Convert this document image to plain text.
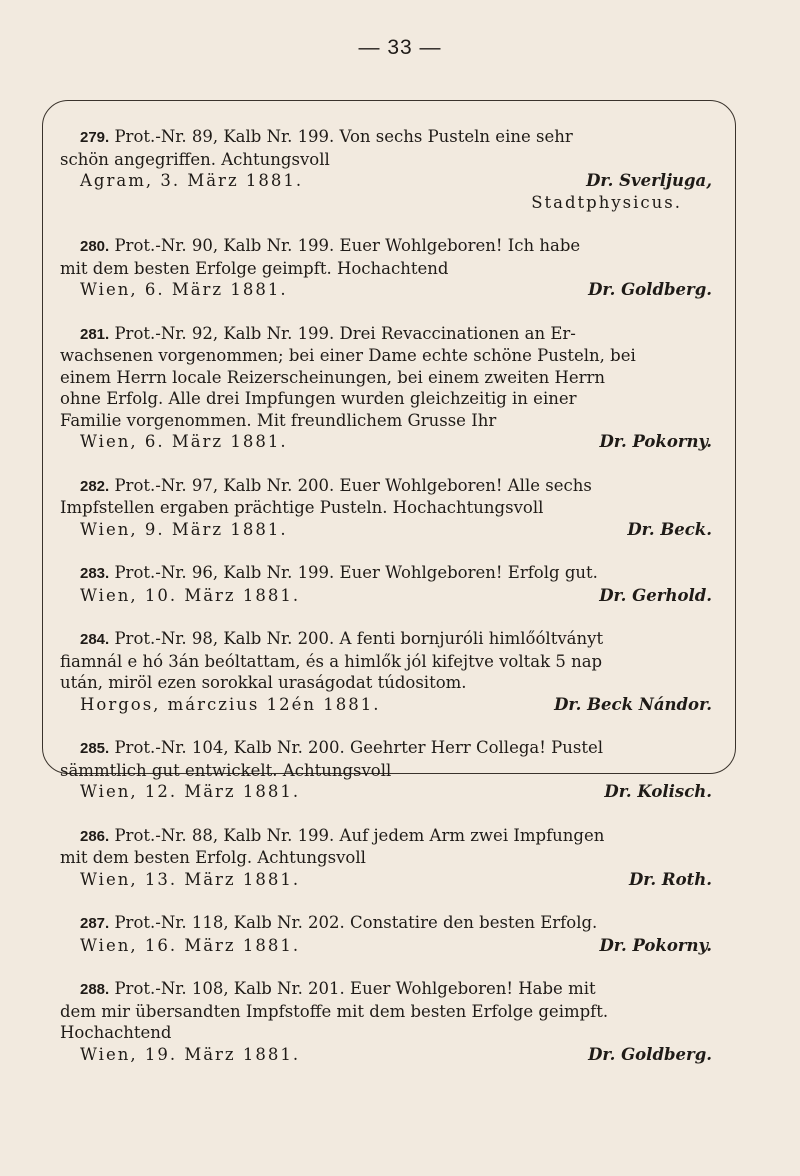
— 33 —
279. Prot.-Nr. 89, Kalb Nr. 199. Von sechs Pusteln eine sehr
schön angegriffen. Achtungsvoll
Agram, 3. März 1881.	Dr. Sverljuga,
Stadtphysicus.
280. Prot.-Nr. 90, Kalb Nr. 199. Euer Wohlgeboren! Ich habe
mit dem besten Erfolge geimpft. Hochachtend
Wien, 6. März 1881.	Dr. Goldberg.
281. Prot.-Nr. 92, Kalb Nr. 199. Drei Revaccinationen an Er-
wachsenen vorgenommen; bei einer Dame echte schöne Pusteln, bei
einem Herrn locale Reizerscheinungen, bei einem zweiten Herrn
ohne Erfolg. Alle drei Impfungen wurden gleichzeitig in einer
Familie vorgenommen. Mit freundlichem Grusse Ihr
Wien, 6. März 1881.	Dr. Pokorny.
282. Prot.-Nr. 97, Kalb Nr. 200. Euer Wohlgeboren! Alle sechs
Impfstellen ergaben prächtige Pusteln. Hochachtungsvoll
Wien, 9. März 1881.	Dr. Beck.
283. Prot.-Nr. 96, Kalb Nr. 199. Euer Wohlgeboren! Erfolg gut.
Wien, 10. März 1881.	Dr. Gerhold.
284. Prot.-Nr. 98, Kalb Nr. 200. A fenti bornjuróli himlőóltványt
fiamnál e hó 3án beóltattam, és a himlők jól kifejtve voltak 5 nap
után, miröl ezen sorokkal uraságodat túdositom.
Horgos, márczius 12én 1881.	Dr. Beck Nándor.
285. Prot.-Nr. 104, Kalb Nr. 200. Geehrter Herr Collega! Pustel
sämmtlich gut entwickelt. Achtungsvoll
Wien, 12. März 1881.	Dr. Kolisch.
286. Prot.-Nr. 88, Kalb Nr. 199. Auf jedem Arm zwei Impfungen
mit dem besten Erfolg. Achtungsvoll
Wien, 13. März 1881.	Dr. Roth.
287. Prot.-Nr. 118, Kalb Nr. 202. Constatire den besten Erfolg.
Wien, 16. März 1881.	Dr. Pokorny.
288. Prot.-Nr. 108, Kalb Nr. 201. Euer Wohlgeboren! Habe mit
dem mir übersandten Impfstoffe mit dem besten Erfolge geimpft.
Hochachtend
Wien, 19. März 1881.	Dr. Goldberg.
